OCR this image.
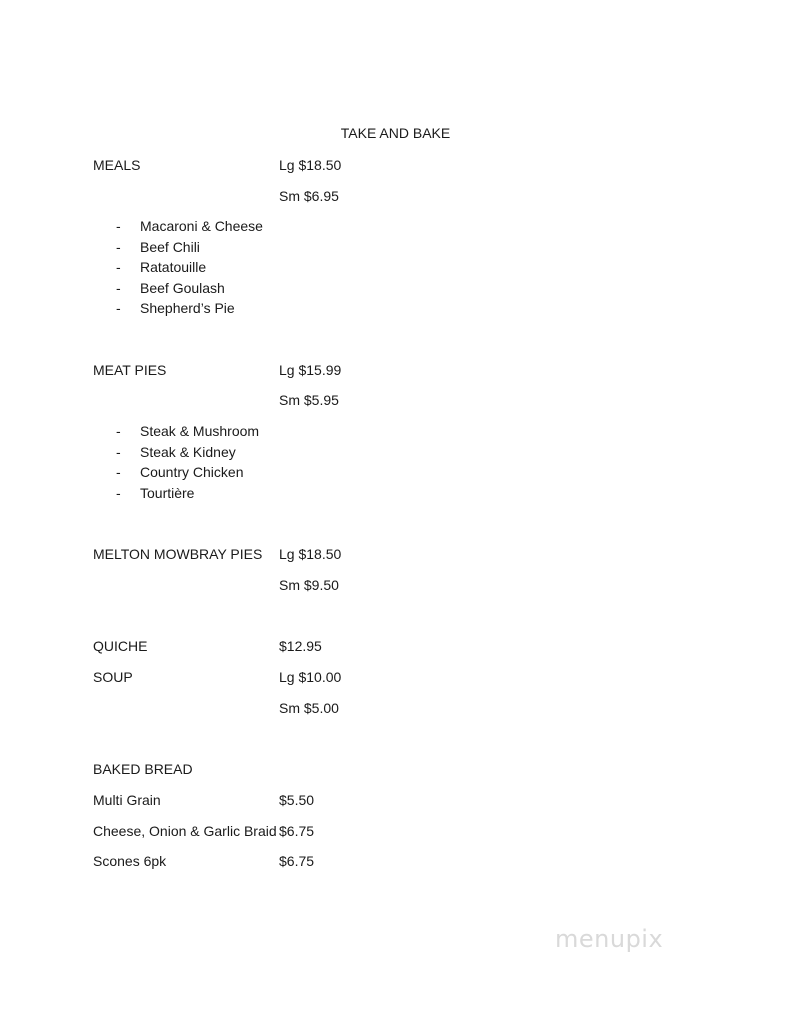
TAKE AND BAKE
MEALS	Lg $18.50
Sm $6.95
- Macaroni & Cheese
- Beef Chili
- Ratatouille
- Beef Goulash
- Shepherd’s Pie
MEAT PIES	Lg $15.99
Sm $5.95
- Steak & Mushroom
- Steak & Kidney
- Country Chicken
- Tourtière
MELTON MOWBRAY PIES Lg $18.50
Sm $9.50
QUICHE	$12.95
SOUP	Lg $10.00
Sm $5.00
BAKED BREAD
Multi Grain	$5.50
Cheese, Onion & Garlic Braid $6.75
Scones 6pk	$6.75
menupix
